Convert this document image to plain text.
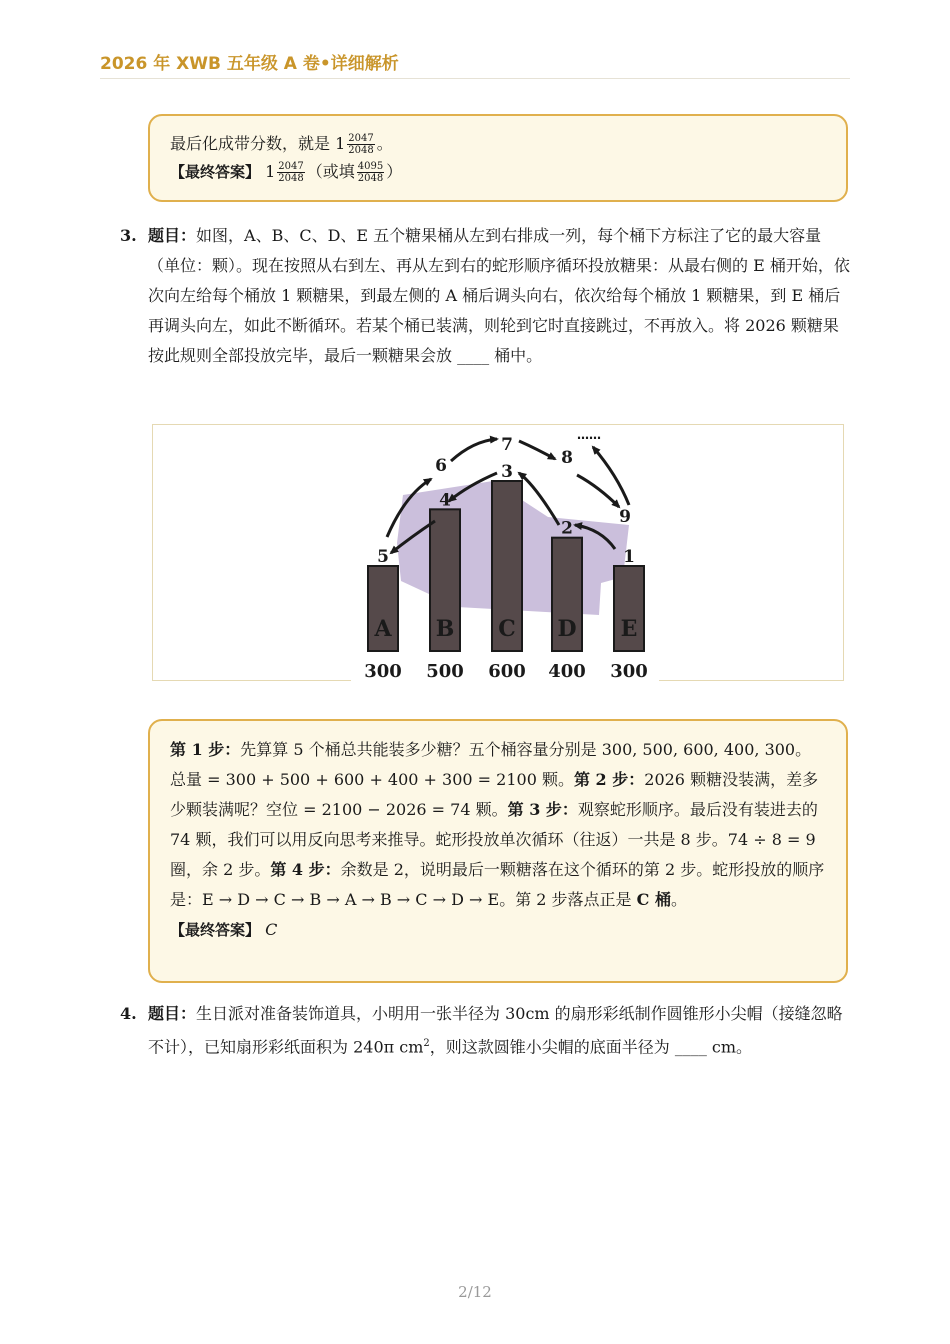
2026 年 XWB 五年级 A 卷•详细解析
最后化成带分数，就是 $1 \frac{2047}{2048}$ 。
【最终答案】 $1 \frac{2047}{2048}$ （或填 $\frac{4095}{2048}$ ）
3. 题目：如图，A、B、C、D、E 五个糖果桶从左到右排成一列，每个桶下方标注了它的最大容量（单位：颗）。现在按照从右到左、再从左到右的蛇形顺序循环投放糖果：从最右侧的 E 桶开始，依次向左给每个桶放 1 颗糖果，到最左侧的 A 桶后调头向右，依次给每个桶放 1 颗糖果，到 E 桶后再调头向左，如此不断循环。若某个桶已装满，则轮到它时直接跳过，不再放入。将 2026 颗糖果按此规则全部投放完毕，最后一颗糖果会放 ____ 桶中。
A
300
5
B
500
4
C
600
3
D
400
2
E
300
1
6
7
8
9
……
第 1 步：先算算 5 个桶总共能装多少糖？五个桶容量分别是 300, 500, 600, 400, 300。总量 = 300 + 500 + 600 + 400 + 300 = 2100 颗。第 2 步：2026 颗糖没装满，差多少颗装满呢？空位 = 2100 − 2026 = 74 颗。第 3 步：观察蛇形顺序。最后没有装进去的 74 颗，我们可以用反向思考来推导。蛇形投放单次循环（往返）一共是 8 步。74 ÷ 8 = 9 圈，余 2 步。第 4 步：余数是 2，说明最后一颗糖落在这个循环的第 2 步。蛇形投放的顺序是：E → D → C → B → A → B → C → D → E。第 2 步落点正是 C 桶。
【最终答案】 C
4. 题目：生日派对准备装饰道具，小明用一张半径为 30cm 的扇形彩纸制作圆锥形小尖帽（接缝忽略不计），已知扇形彩纸面积为 240π $cm^2$，则这款圆锥小尖帽的底面半径为 ____ cm。
2/12
